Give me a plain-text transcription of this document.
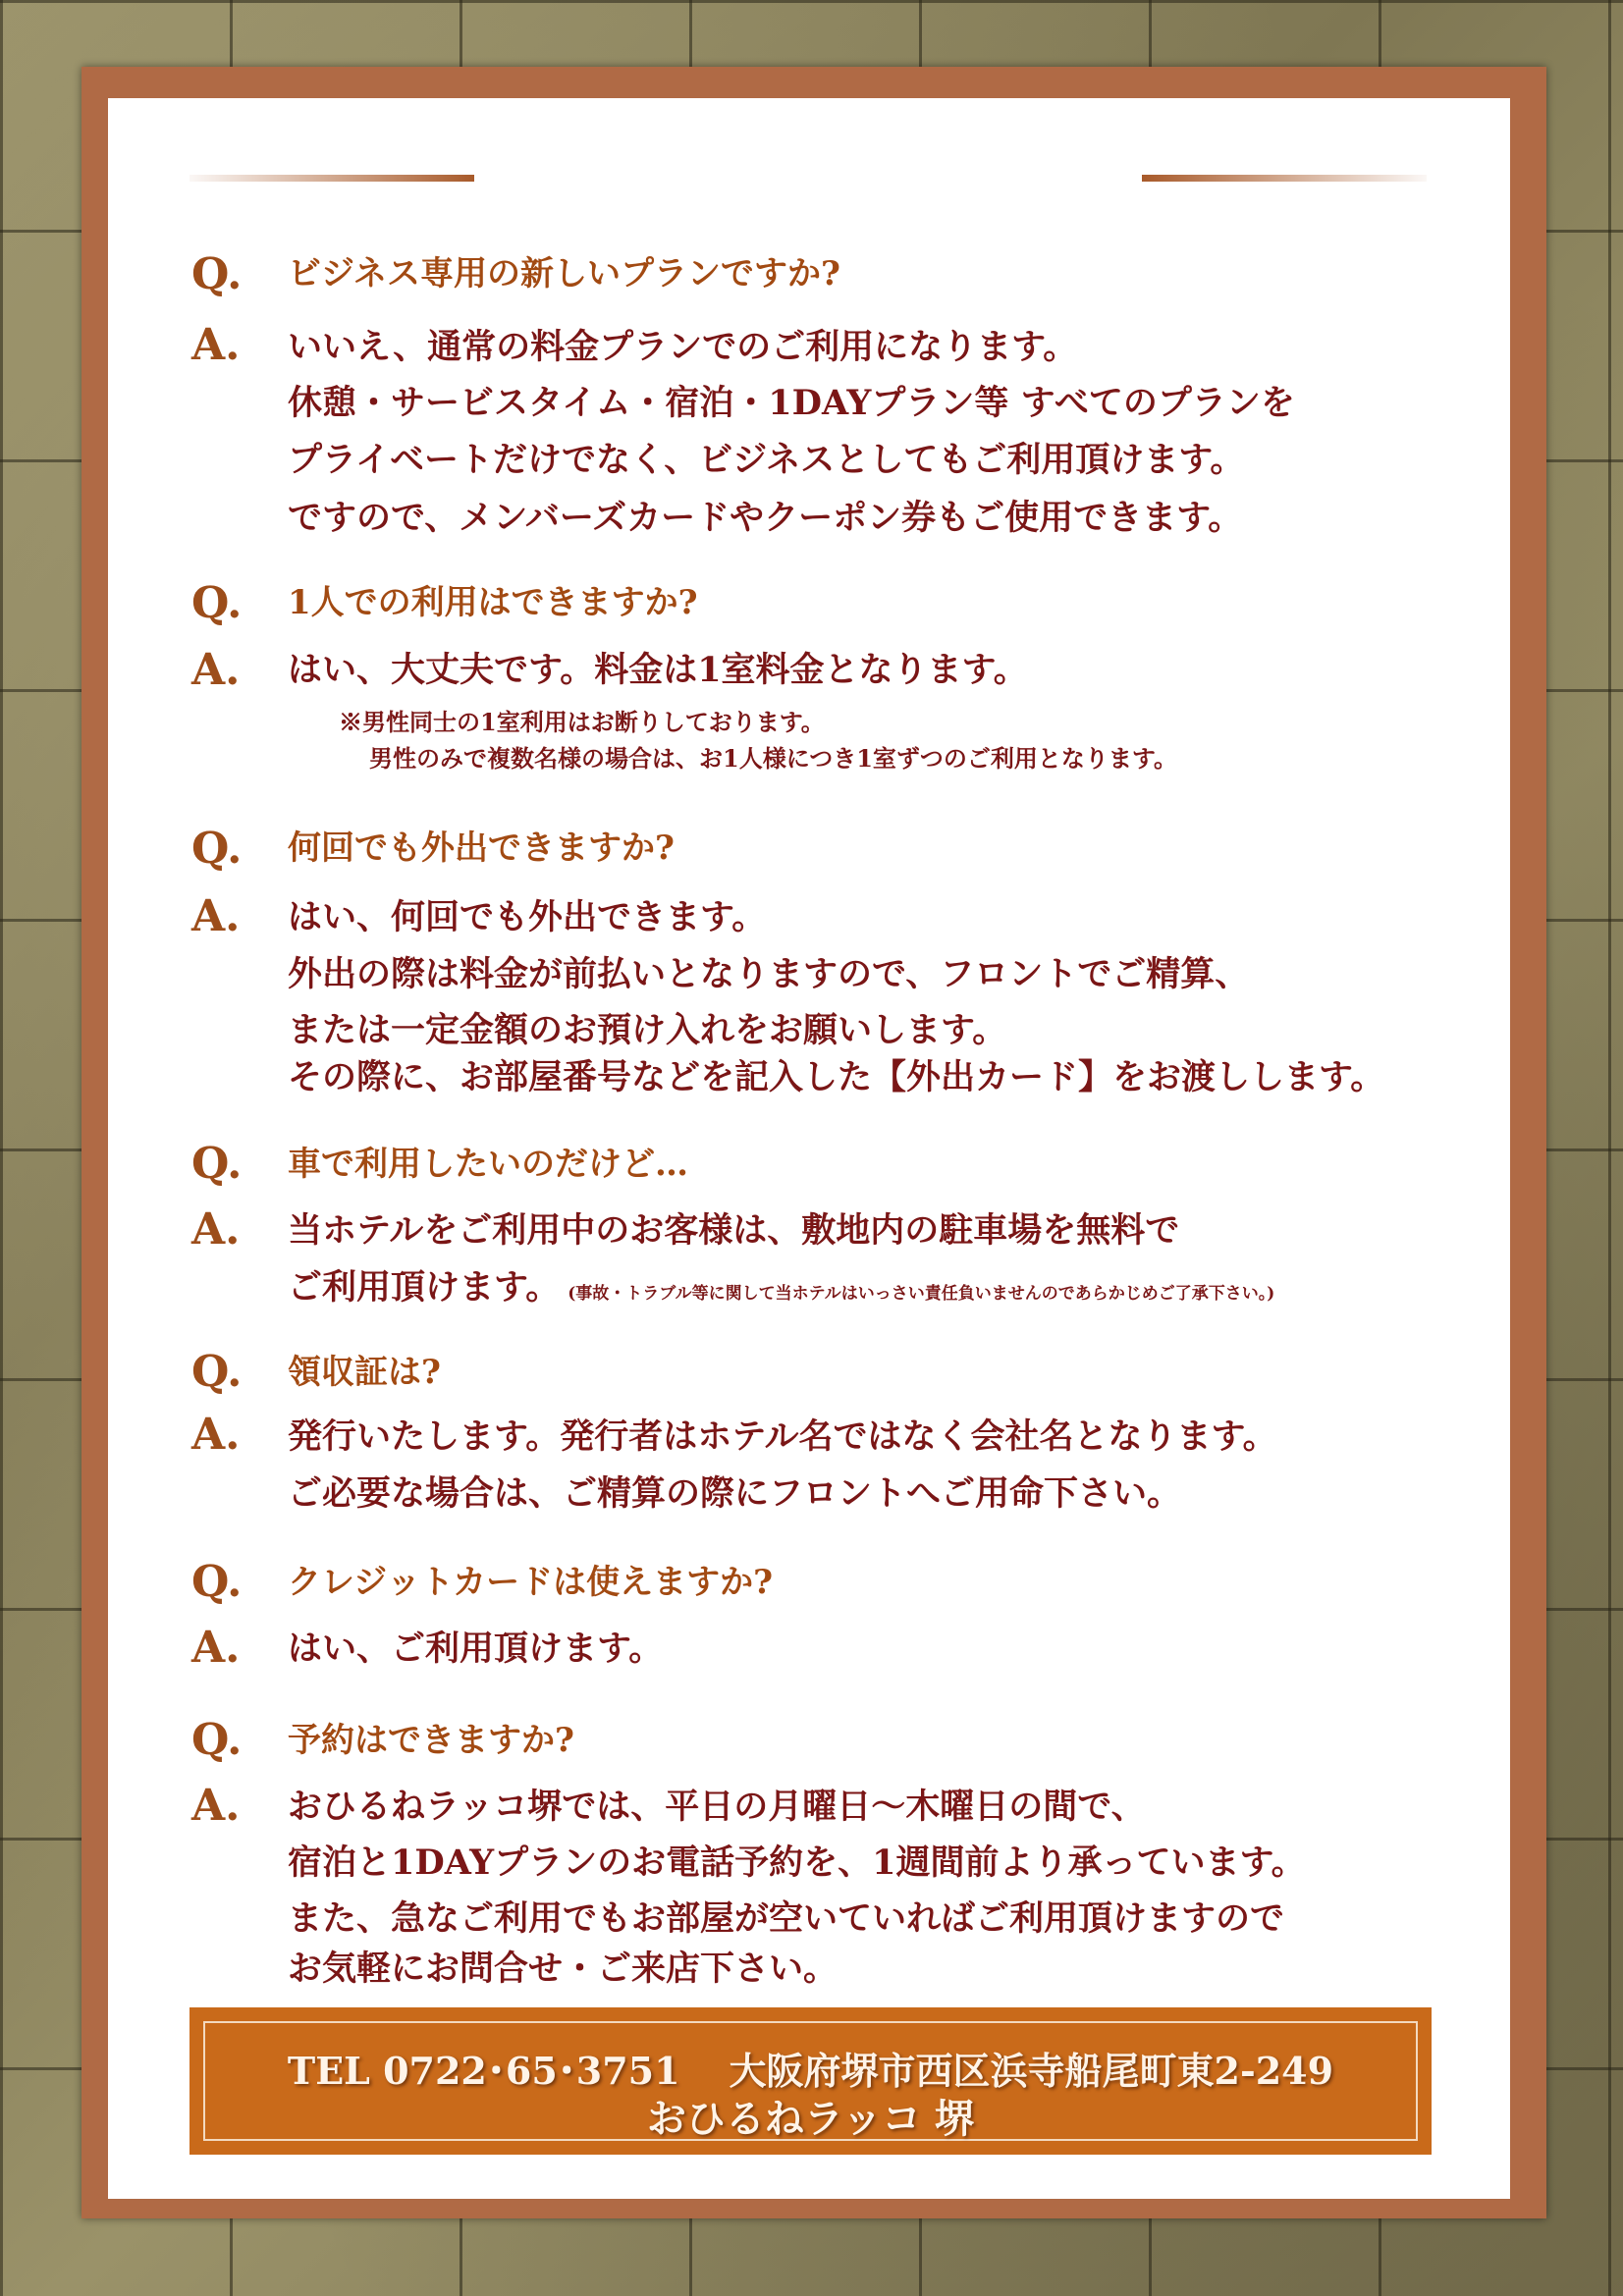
Q. ビジネス専用の新しいプランですか?
A. いいえ、通常の料金プランでのご利用になります。
休憩・サービスタイム・宿泊・1DAYプラン等 すべてのプランを
プライベートだけでなく、ビジネスとしてもご利用頂けます。
ですので、メンバーズカードやクーポン券もご使用できます。
Q. 1人での利用はできますか?
A. はい、大丈夫です。料金は1室料金となります。
※男性同士の1室利用はお断りしております。
男性のみで複数名様の場合は、お1人様につき1室ずつのご利用となります。
Q. 何回でも外出できますか?
A. はい、何回でも外出できます。
外出の際は料金が前払いとなりますので、フロントでご精算、
または一定金額のお預け入れをお願いします。
その際に、お部屋番号などを記入した【外出カード】をお渡しします。
Q. 車で利用したいのだけど…
A. 当ホテルをご利用中のお客様は、敷地内の駐車場を無料で
ご利用頂けます。 (事故・トラブル等に関して当ホテルはいっさい責任負いませんのであらかじめご了承下さい。)
Q. 領収証は?
A. 発行いたします。発行者はホテル名ではなく会社名となります。
ご必要な場合は、ご精算の際にフロントへご用命下さい。
Q. クレジットカードは使えますか?
A. はい、ご利用頂けます。
Q. 予約はできますか?
A. おひるねラッコ堺では、平日の月曜日〜木曜日の間で、
宿泊と1DAYプランのお電話予約を、1週間前より承っています。
また、急なご利用でもお部屋が空いていればご利用頂けますので
お気軽にお問合せ・ご来店下さい。
TEL 0722･65･3751 大阪府堺市西区浜寺船尾町東2-249
おひるねラッコ 堺
